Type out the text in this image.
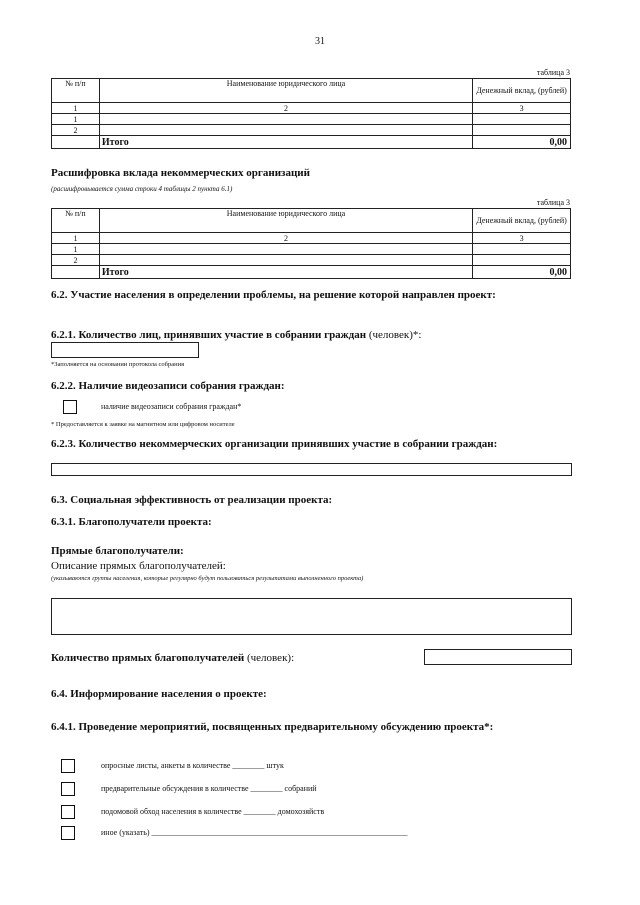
31
таблица 3
№ п/п	Наименование юридического лица	Денежный вклад, (рублей)
1	2	3
1		
2		
	Итого	0,00
Расшифровка вклада некоммерческих организаций
(расшифровывается сумма строки 4 таблицы 2 пункта 6.1)
таблица 3
№ п/п	Наименование юридического лица	Денежный вклад, (рублей)
1	2	3
1		
2		
	Итого	0,00
6.2. Участие населения в определении проблемы, на решение которой направлен проект:
6.2.1. Количество лиц, принявших участие в собрании граждан (человек)*:
*Заполняется на основании протокола собрания
6.2.2. Наличие видеозаписи собрания граждан:
наличие видеозаписи собрания граждан*
* Предоставляется к заявке на магнитном или цифровом носителе
6.2.3. Количество некоммерческих организации принявших участие в собрании граждан:
6.3. Социальная эффективность от реализации проекта:
6.3.1. Благополучатели проекта:
Прямые благополучатели:
Описание прямых благополучателей:
(указываются группы населения, которые регулярно будут пользоваться результатами выполненного проекта)
Количество прямых благополучателей (человек):
6.4. Информирование населения о проекте:
6.4.1. Проведение мероприятий, посвященных предварительному обсуждению проекта*:
опросные листы, анкеты в количестве ________ штук
предварительные обсуждения в количестве ________ собраний
подомовой обход населения в количестве ________ домохозяйств
иное (указать) ________________________________________________________________
